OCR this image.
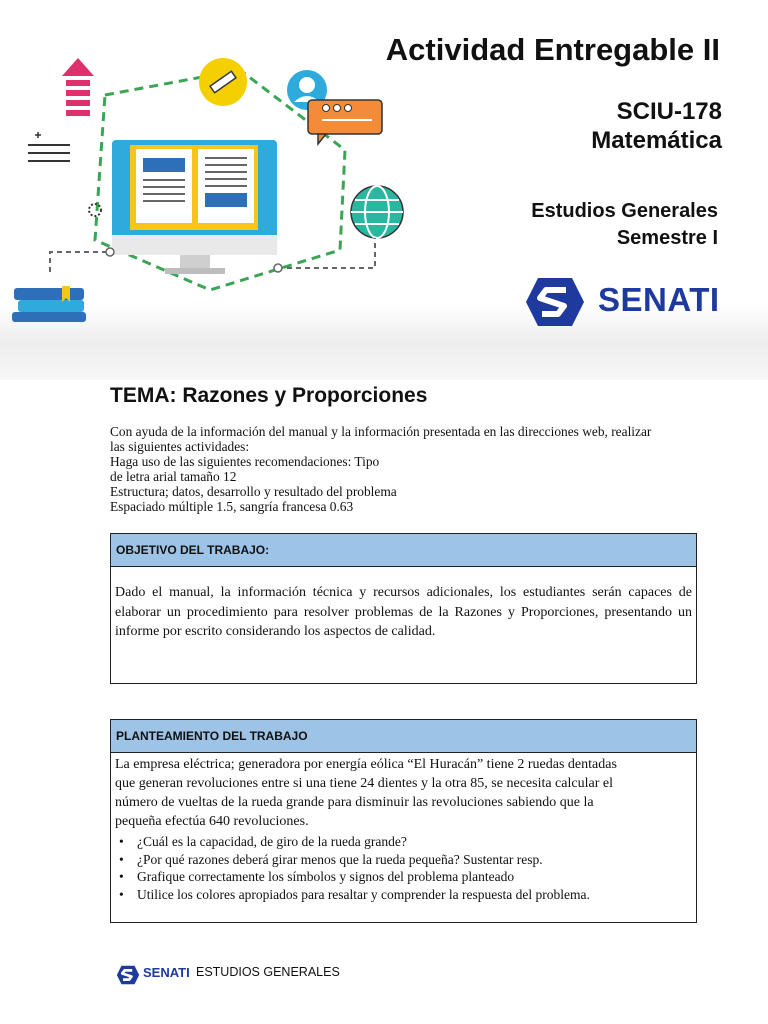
Actividad Entregable II
SCIU-178
Matemática
Estudios Generales
Semestre I
SENATI
TEMA: Razones y Proporciones
Con ayuda de la información del manual y la información presentada en las direcciones web, realizar
las siguientes actividades:
Haga uso de las siguientes recomendaciones: Tipo
de letra arial tamaño 12
Estructura; datos, desarrollo y resultado del problema
Espaciado múltiple 1.5, sangría francesa 0.63
OBJETIVO DEL TRABAJO:
Dado el manual, la información técnica y recursos adicionales, los estudiantes serán capaces de elaborar un procedimiento para resolver problemas de la Razones y Proporciones, presentando un informe por escrito considerando los aspectos de calidad.
PLANTEAMIENTO DEL TRABAJO
La empresa eléctrica; generadora por energía eólica “El Huracán” tiene 2 ruedas dentadas
que generan revoluciones entre si una tiene 24 dientes y la otra 85, se necesita calcular el
número de vueltas de la rueda grande para disminuir las revoluciones sabiendo que la
pequeña efectúa 640 revoluciones.
• ¿Cuál es la capacidad, de giro de la rueda grande?
• ¿Por qué razones deberá girar menos que la rueda pequeña? Sustentar resp.
• Grafique correctamente los símbolos y signos del problema planteado
• Utilice los colores apropiados para resaltar y comprender la respuesta del problema.
SENATI ESTUDIOS GENERALES
